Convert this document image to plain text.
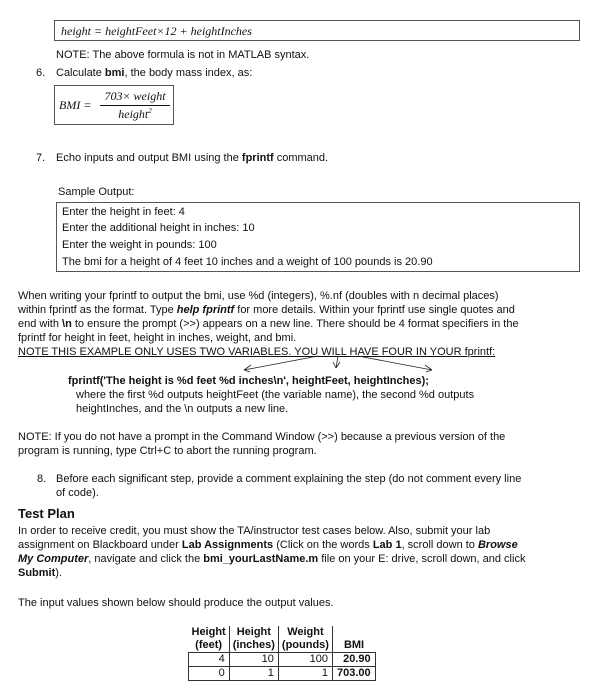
height = heightFeet×12 + heightInches
NOTE: The above formula is not in MATLAB syntax.
6. Calculate bmi, the body mass index, as:
BMI =
703× weight
height$^2$
7. Echo inputs and output BMI using the fprintf command.
Sample Output:
Enter the height in feet: 4
Enter the additional height in inches: 10
Enter the weight in pounds: 100
The bmi for a height of 4 feet 10 inches and a weight of 100 pounds is 20.90
When writing your fprintf to output the bmi, use %d (integers), %.nf (doubles with n decimal places)
within fprintf as the format. Type help fprintf for more details. Within your fprintf use single quotes and
end with \n to ensure the prompt (>>) appears on a new line. There should be 4 format specifiers in the
fprintf for height in feet, height in inches, weight, and bmi.
NOTE THIS EXAMPLE ONLY USES TWO VARIABLES. YOU WILL HAVE FOUR IN YOUR fprintf:
fprintf('The height is %d feet %d inches\n', heightFeet, heightInches);
where the first %d outputs heightFeet (the variable name), the second %d outputs
heightInches, and the \n outputs a new line.
NOTE: If you do not have a prompt in the Command Window (>>) because a previous version of the
program is running, type Ctrl+C to abort the running program.
8. Before each significant step, provide a comment explaining the step (do not comment every line
of code).
Test Plan
In order to receive credit, you must show the TA/instructor test cases below. Also, submit your lab
assignment on Blackboard under Lab Assignments (Click on the words Lab 1, scroll down to Browse
My Computer, navigate and click the bmi_yourLastName.m file on your E: drive, scroll down, and click
Submit).
The input values shown below should produce the output values.
Height	Height	Weight	
(feet)	(inches)	(pounds)	BMI
4	10	100	20.90
0	1	1	703.00
